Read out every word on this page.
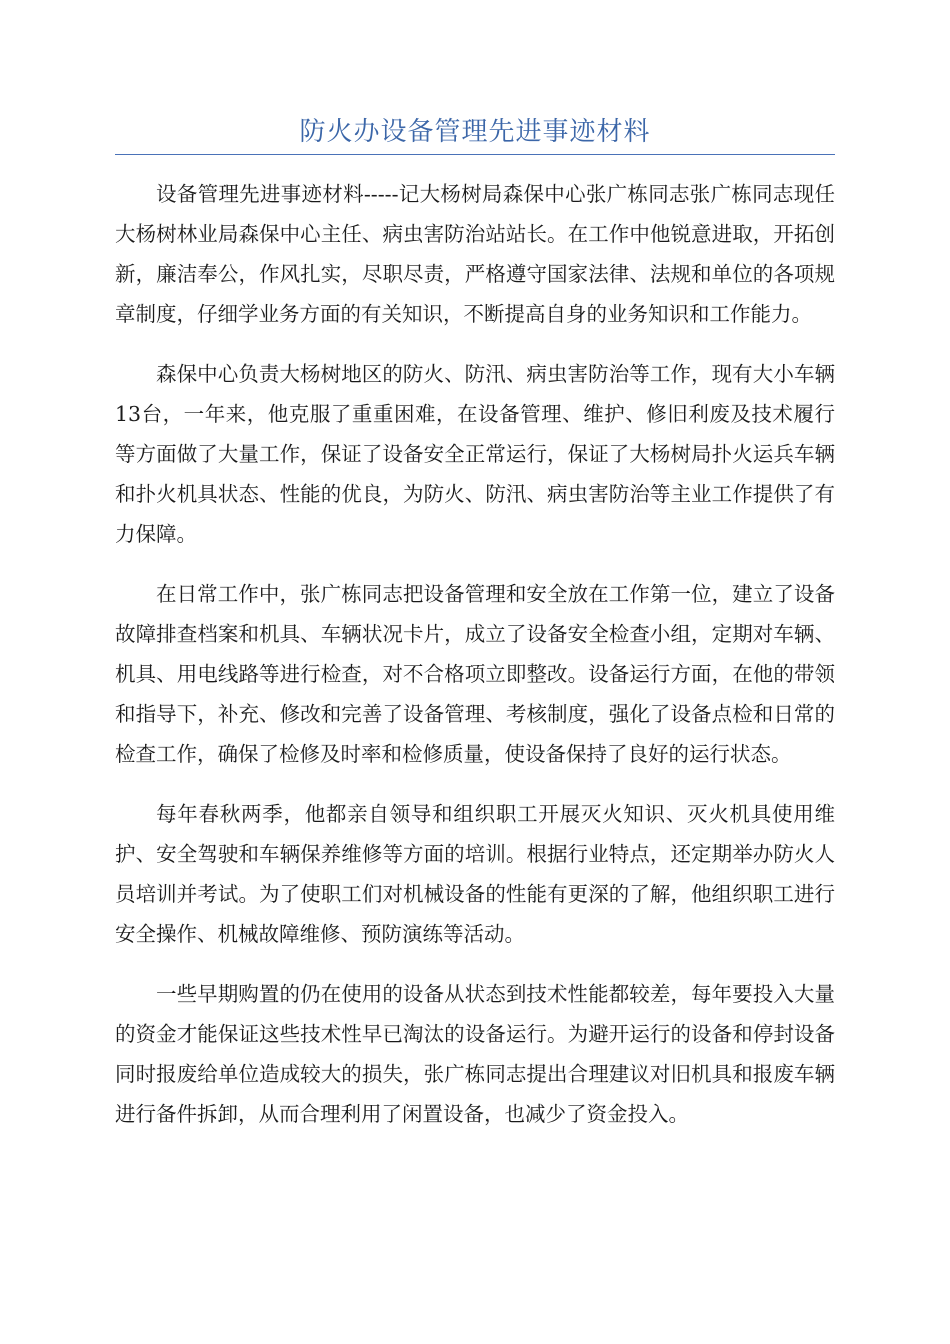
防火办设备管理先进事迹材料

设备管理先进事迹材料-----记大杨树局森保中心张广栋同志张广栋同志现任大杨树林业局森保中心主任、病虫害防治站站长。在工作中他锐意进取，开拓创新，廉洁奉公，作风扎实，尽职尽责，严格遵守国家法律、法规和单位的各项规章制度，仔细学业务方面的有关知识，不断提高自身的业务知识和工作能力。

森保中心负责大杨树地区的防火、防汛、病虫害防治等工作，现有大小车辆13台，一年来，他克服了重重困难，在设备管理、维护、修旧利废及技术履行等方面做了大量工作，保证了设备安全正常运行，保证了大杨树局扑火运兵车辆和扑火机具状态、性能的优良，为防火、防汛、病虫害防治等主业工作提供了有力保障。

在日常工作中，张广栋同志把设备管理和安全放在工作第一位，建立了设备故障排查档案和机具、车辆状况卡片，成立了设备安全检查小组，定期对车辆、机具、用电线路等进行检查，对不合格项立即整改。设备运行方面，在他的带领和指导下，补充、修改和完善了设备管理、考核制度，强化了设备点检和日常的检查工作，确保了检修及时率和检修质量，使设备保持了良好的运行状态。

每年春秋两季，他都亲自领导和组织职工开展灭火知识、灭火机具使用维护、安全驾驶和车辆保养维修等方面的培训。根据行业特点，还定期举办防火人员培训并考试。为了使职工们对机械设备的性能有更深的了解，他组织职工进行安全操作、机械故障维修、预防演练等活动。

一些早期购置的仍在使用的设备从状态到技术性能都较差，每年要投入大量的资金才能保证这些技术性早已淘汰的设备运行。为避开运行的设备和停封设备同时报废给单位造成较大的损失，张广栋同志提出合理建议对旧机具和报废车辆进行备件拆卸，从而合理利用了闲置设备，也减少了资金投入。
